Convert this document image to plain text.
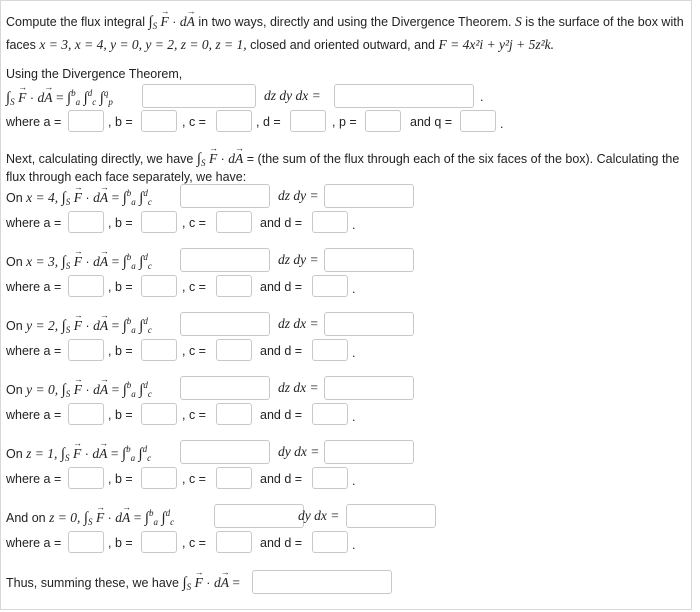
Compute the flux integral $\int_S \to F \cdot d\to A$ in two ways, directly and using the Divergence Theorem. S is the surface of the box with
faces x = 3, x = 4, y = 0, y = 2, z = 0, z = 1, closed and oriented outward, and F = 4x²i + y²j + 5z²k.
Using the Divergence Theorem,
$\int_S \to F \cdot d\to A = \int^b_a$ ∫$^d_c$ ∫$^q_p$	dz dy dx =	.
where a =	, b =	, c =	, d =	, p =	and q =	.
Next, calculating directly, we have $\int_S \to F \cdot d\to A = (the$ sum of the flux through each of the six faces of the box). Calculating the
flux through each face separately, we have:
On x = 4, $\int_S \to F \cdot d\to A = \int^b_a$ ∫$^d_c$	dz dy =
where a =	, b =	, c =	and d =	.
On x = 3, $\int_S \to F \cdot d\to A = \int^b_a$ ∫$^d_c$	dz dy =
where a =	, b =	, c =	and d =	.
On y = 2, $\int_S \to F \cdot d\to A = \int^b_a$ ∫$^d_c$	dz dx =
where a =	, b =	, c =	and d =	.
On y = 0, $\int_S \to F \cdot d\to A = \int^b_a$ ∫$^d_c$	dz dx =
where a =	, b =	, c =	and d =	.
On z = 1, $\int_S \to F \cdot d\to A = \int^b_a$ ∫$^d_c$	dy dx =
where a =	, b =	, c =	and d =	.
And on z = 0, $\int_S \to F \cdot d\to A = \int^b_a$ ∫$^d_c$	dy dx =
where a =	, b =	, c =	and d =	.
Thus, summing these, we have $\int_S \to F \cdot d\to A$ =
